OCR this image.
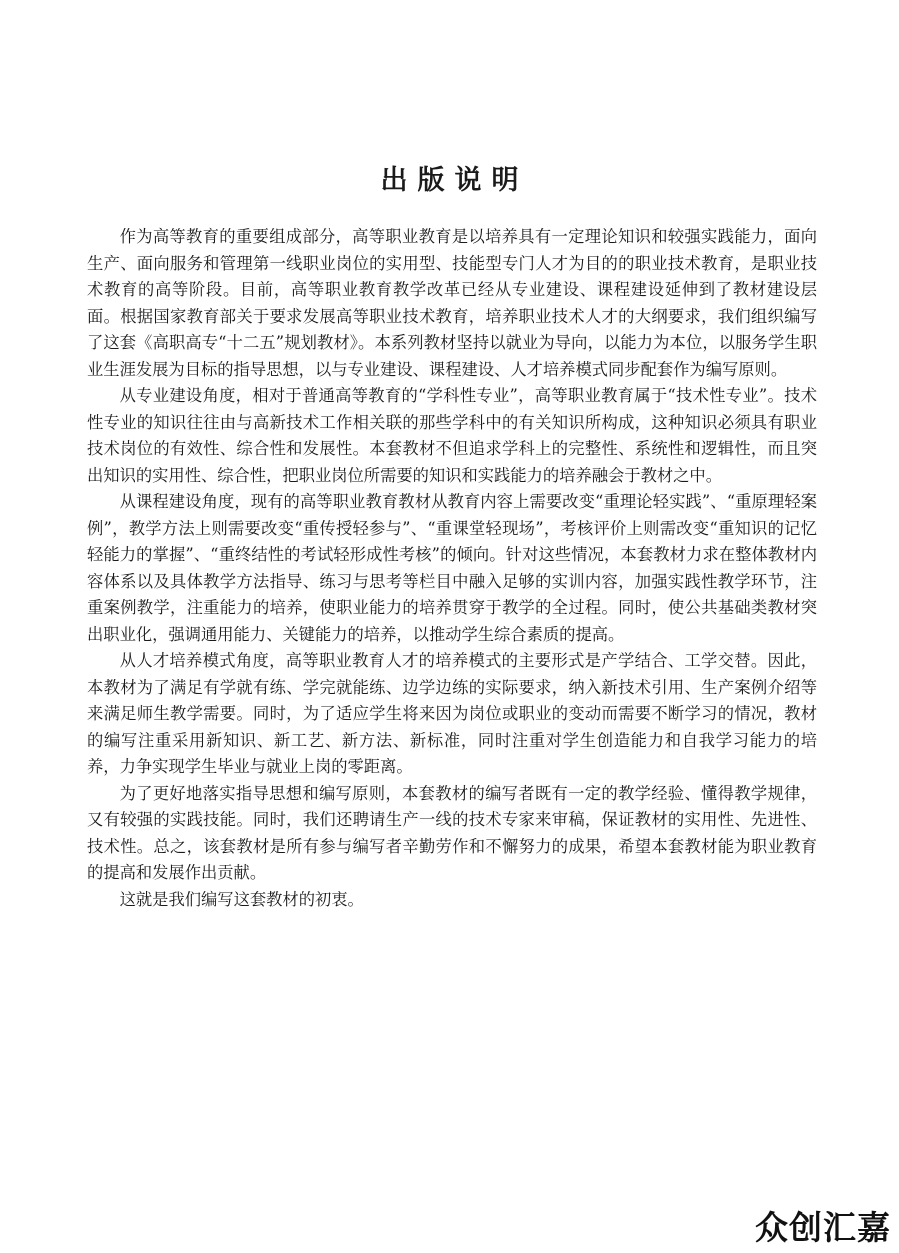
出版说明

作为高等教育的重要组成部分，高等职业教育是以培养具有一定理论知识和较强实践能力，面向生产、面向服务和管理第一线职业岗位的实用型、技能型专门人才为目的的职业技术教育，是职业技术教育的高等阶段。目前，高等职业教育教学改革已经从专业建设、课程建设延伸到了教材建设层面。根据国家教育部关于要求发展高等职业技术教育，培养职业技术人才的大纲要求，我们组织编写了这套《高职高专“十二五”规划教材》。本系列教材坚持以就业为导向，以能力为本位，以服务学生职业生涯发展为目标的指导思想，以与专业建设、课程建设、人才培养模式同步配套作为编写原则。

从专业建设角度，相对于普通高等教育的“学科性专业”，高等职业教育属于“技术性专业”。技术性专业的知识往往由与高新技术工作相关联的那些学科中的有关知识所构成，这种知识必须具有职业技术岗位的有效性、综合性和发展性。本套教材不但追求学科上的完整性、系统性和逻辑性，而且突出知识的实用性、综合性，把职业岗位所需要的知识和实践能力的培养融会于教材之中。

从课程建设角度，现有的高等职业教育教材从教育内容上需要改变“重理论轻实践”、“重原理轻案例”，教学方法上则需要改变“重传授轻参与”、“重课堂轻现场”，考核评价上则需改变“重知识的记忆轻能力的掌握”、“重终结性的考试轻形成性考核”的倾向。针对这些情况，本套教材力求在整体教材内容体系以及具体教学方法指导、练习与思考等栏目中融入足够的实训内容，加强实践性教学环节，注重案例教学，注重能力的培养，使职业能力的培养贯穿于教学的全过程。同时，使公共基础类教材突出职业化，强调通用能力、关键能力的培养，以推动学生综合素质的提高。

从人才培养模式角度，高等职业教育人才的培养模式的主要形式是产学结合、工学交替。因此，本教材为了满足有学就有练、学完就能练、边学边练的实际要求，纳入新技术引用、生产案例介绍等来满足师生教学需要。同时，为了适应学生将来因为岗位或职业的变动而需要不断学习的情况，教材的编写注重采用新知识、新工艺、新方法、新标准，同时注重对学生创造能力和自我学习能力的培养，力争实现学生毕业与就业上岗的零距离。

为了更好地落实指导思想和编写原则，本套教材的编写者既有一定的教学经验、懂得教学规律，又有较强的实践技能。同时，我们还聘请生产一线的技术专家来审稿，保证教材的实用性、先进性、技术性。总之，该套教材是所有参与编写者辛勤劳作和不懈努力的成果，希望本套教材能为职业教育的提高和发展作出贡献。

这就是我们编写这套教材的初衷。

众创汇嘉
